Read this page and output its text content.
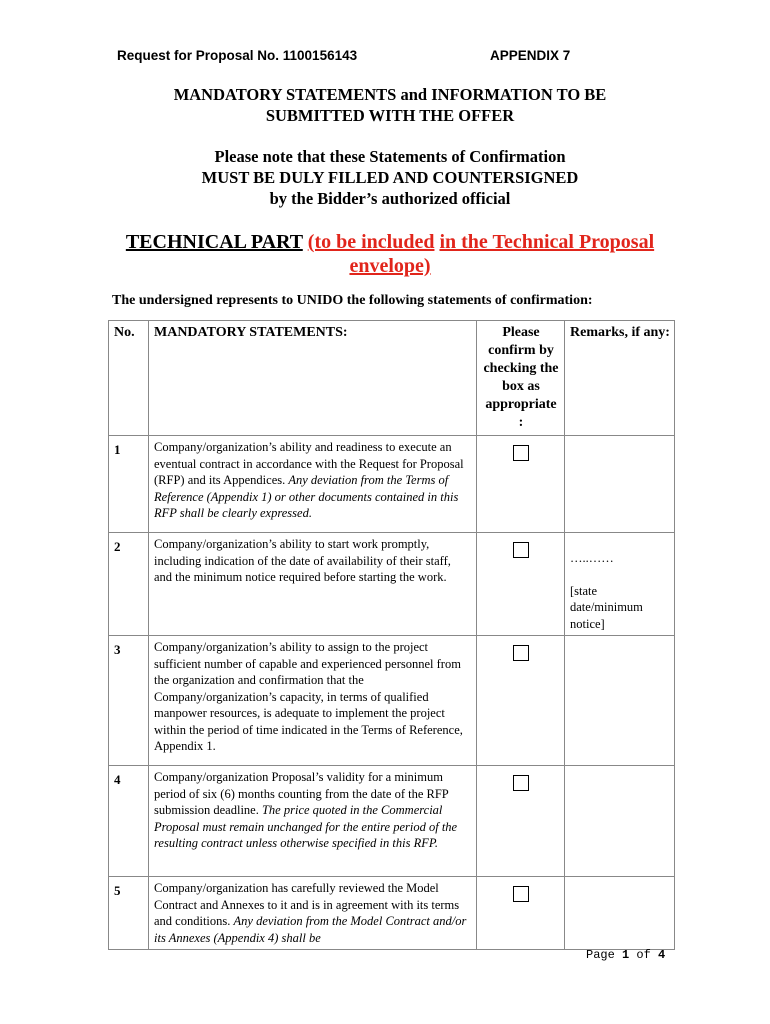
Request for Proposal No. 1100156143	APPENDIX 7
MANDATORY STATEMENTS and INFORMATION TO BE
SUBMITTED WITH THE OFFER
Please note that these Statements of Confirmation
MUST BE DULY FILLED AND COUNTERSIGNED
by the Bidder’s authorized official
TECHNICAL PART (to be included in the Technical Proposal
envelope)
The undersigned represents to UNIDO the following statements of confirmation:
No.	MANDATORY STATEMENTS:	Please confirm by checking the box as appropriate :	Remarks, if any:
1	Company/organization’s ability and readiness to execute an eventual contract in accordance with the Request for Proposal (RFP) and its Appendices. Any deviation from the Terms of Reference (Appendix 1) or other documents contained in this RFP shall be clearly expressed.	

2	Company/organization’s ability to start work promptly, including indication of the date of availability of their staff, and the minimum notice required before starting the work.		…..……
[state date/minimum notice]

3	Company/organization’s ability to assign to the project sufficient number of capable and experienced personnel from the organization and confirmation that the Company/organization’s capacity, in terms of qualified manpower resources, is adequate to implement the project within the period of time indicated in the Terms of Reference, Appendix 1.	

4	Company/organization Proposal’s validity for a minimum period of six (6) months counting from the date of the RFP submission deadline. The price quoted in the Commercial Proposal must remain unchanged for the entire period of the resulting contract unless otherwise specified in this RFP.	

5	Company/organization has carefully reviewed the Model Contract and Annexes to it and is in agreement with its terms and conditions. Any deviation from the Model Contract and/or its Annexes (Appendix 4) shall be	

Page 1 of 4
